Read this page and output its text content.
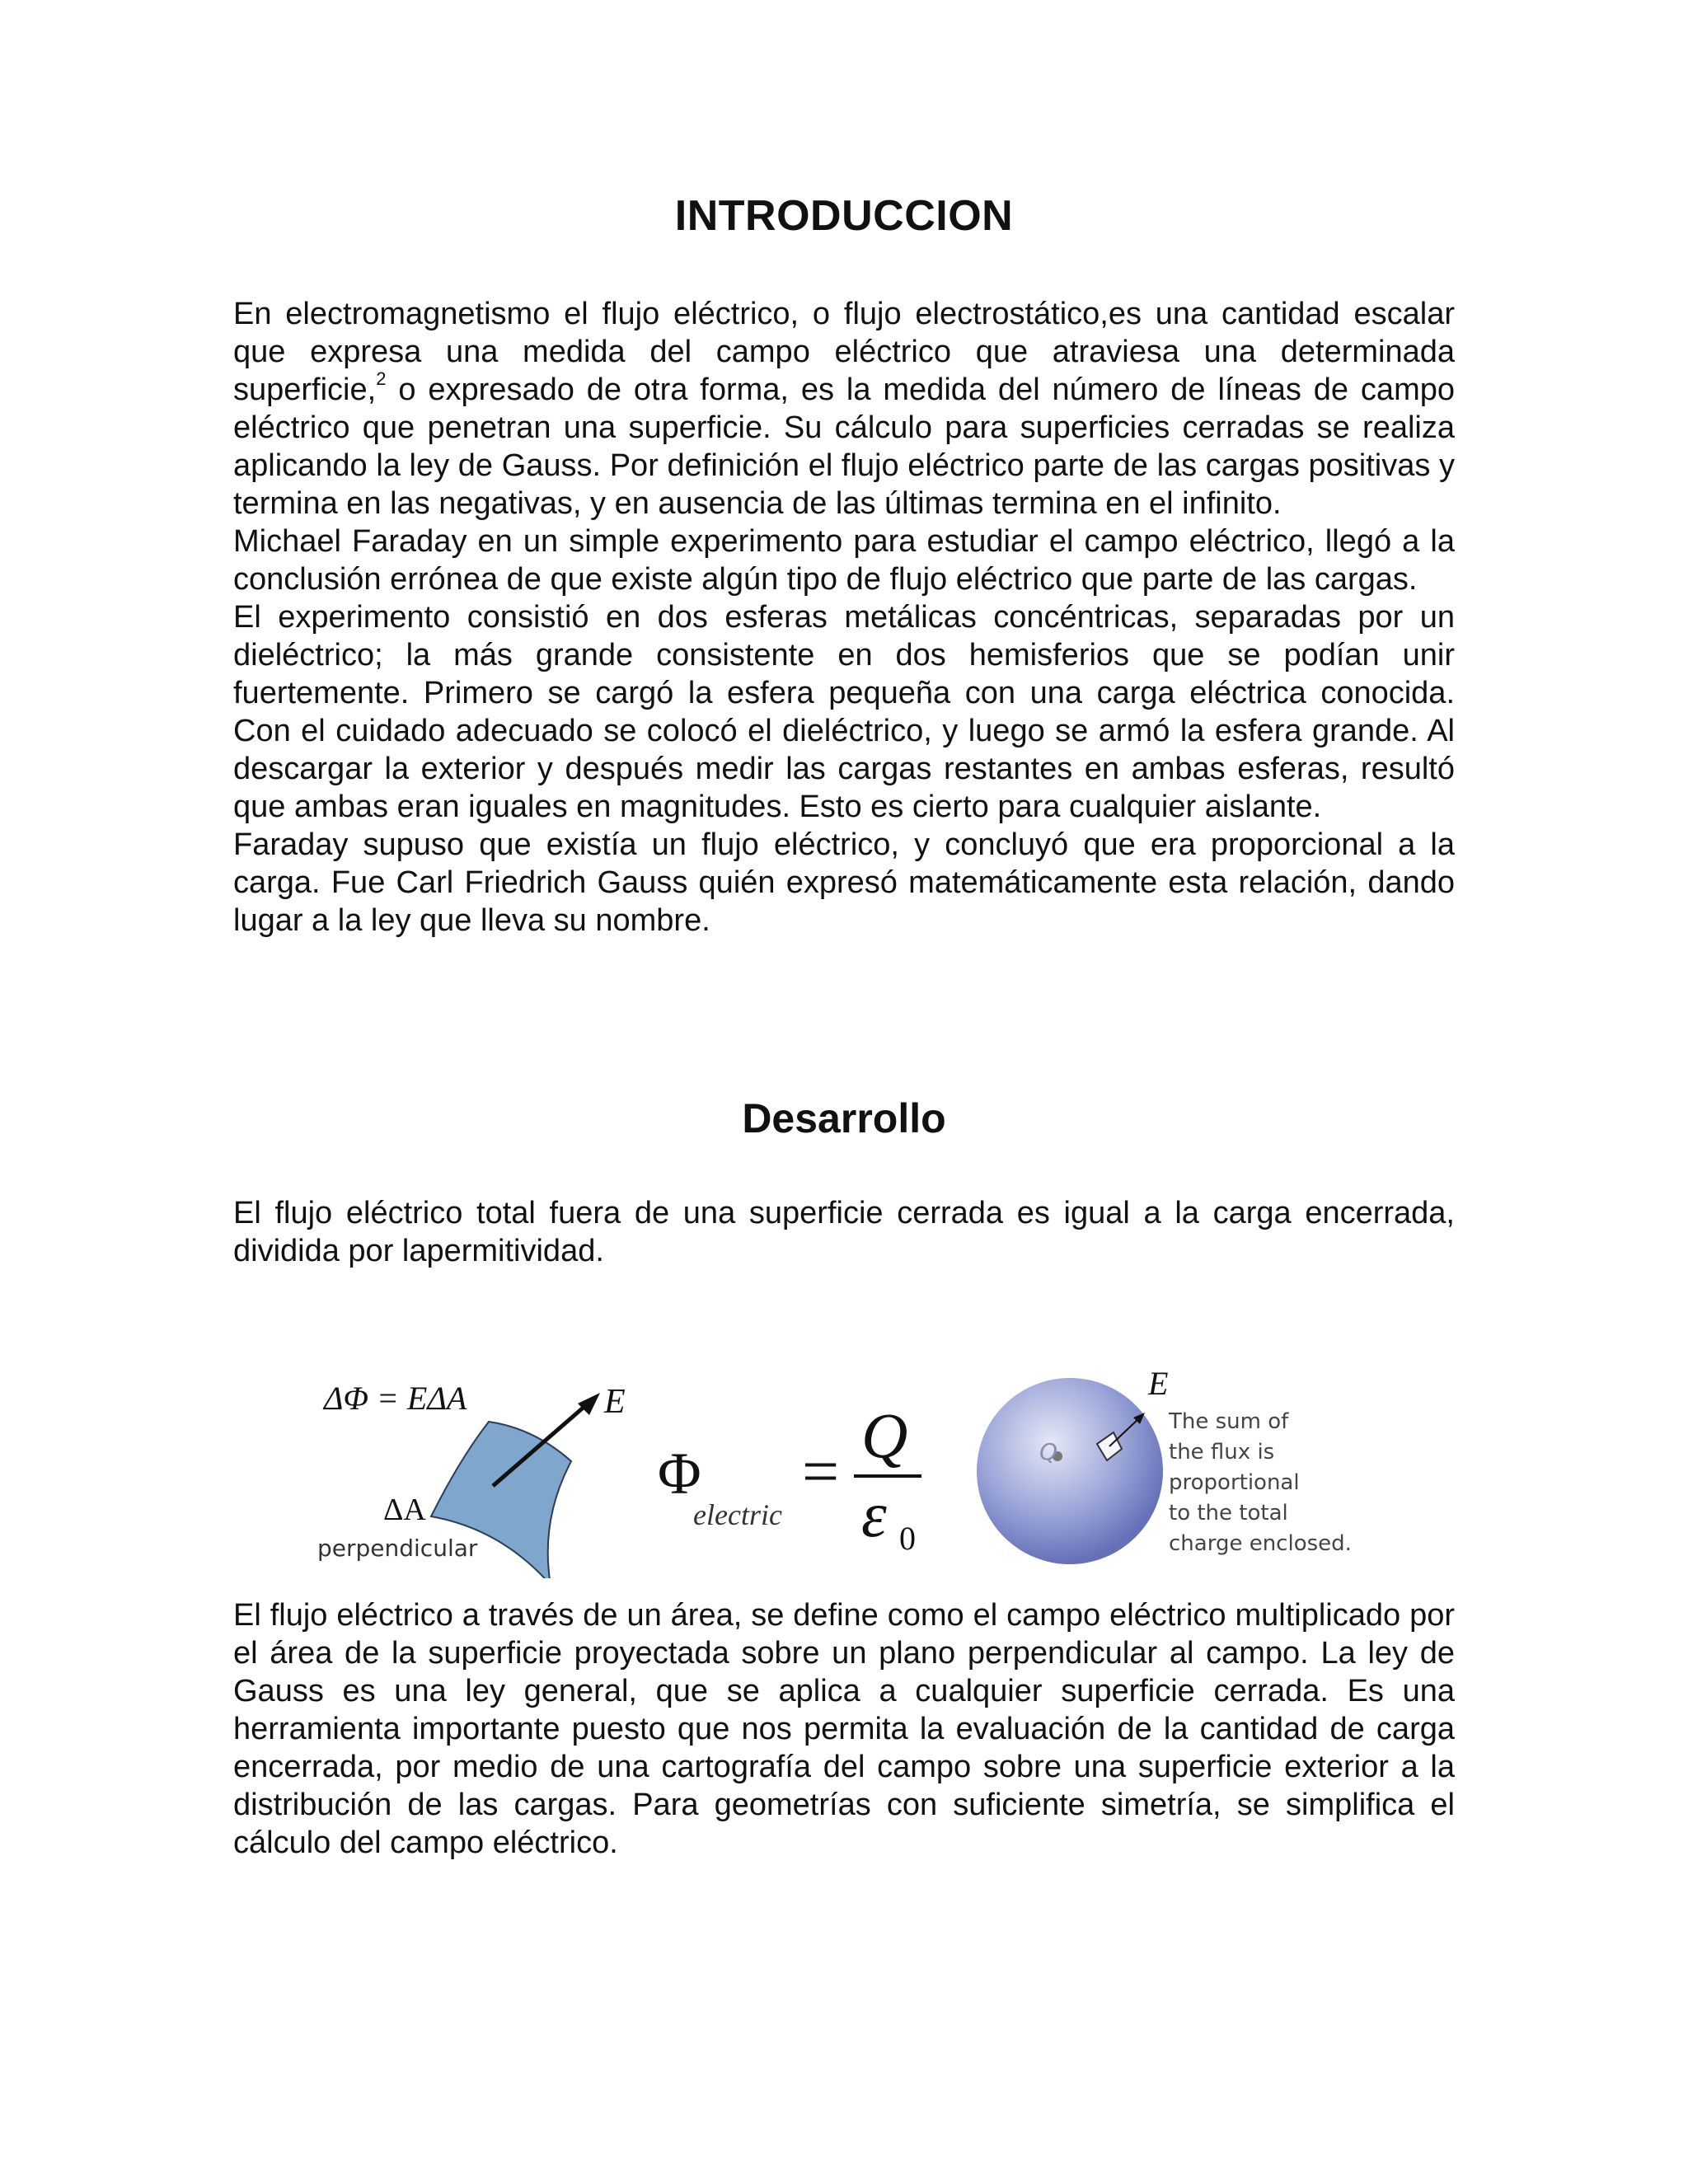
INTRODUCCION

En electromagnetismo el flujo eléctrico, o flujo electrostático,es una cantidad escalar que expresa una medida del campo eléctrico que atraviesa una determinada superficie,$^2$ o expresado de otra forma, es la medida del número de líneas de campo eléctrico que penetran una superficie. Su cálculo para superficies cerradas se realiza aplicando la ley de Gauss. Por definición el flujo eléctrico parte de las cargas positivas y termina en las negativas, y en ausencia de las últimas termina en el infinito.

Michael Faraday en un simple experimento para estudiar el campo eléctrico, llegó a la conclusión errónea de que existe algún tipo de flujo eléctrico que parte de las cargas.

El experimento consistió en dos esferas metálicas concéntricas, separadas por un dieléctrico; la más grande consistente en dos hemisferios que se podían unir fuertemente. Primero se cargó la esfera pequeña con una carga eléctrica conocida. Con el cuidado adecuado se colocó el dieléctrico, y luego se armó la esfera grande. Al descargar la exterior y después medir las cargas restantes en ambas esferas, resultó que ambas eran iguales en magnitudes. Esto es cierto para cualquier aislante.

Faraday supuso que existía un flujo eléctrico, y concluyó que era proporcional a la carga. Fue Carl Friedrich Gauss quién expresó matemáticamente esta relación, dando lugar a la ley que lleva su nombre.

Desarrollo

El flujo eléctrico total fuera de una superficie cerrada es igual a la carga encerrada, dividida por lapermitividad.

ΔΦ = EΔA	E
ΔA
perpendicular
Φ
electric
=
Q
ε 0
Q
E
The sum of
the flux is
proportional
to the total
charge enclosed.

El flujo eléctrico a través de un área, se define como el campo eléctrico multiplicado por el área de la superficie proyectada sobre un plano perpendicular al campo. La ley de Gauss es una ley general, que se aplica a cualquier superficie cerrada. Es una herramienta importante puesto que nos permita la evaluación de la cantidad de carga encerrada, por medio de una cartografía del campo sobre una superficie exterior a la distribución de las cargas. Para geometrías con suficiente simetría, se simplifica el cálculo del campo eléctrico.
